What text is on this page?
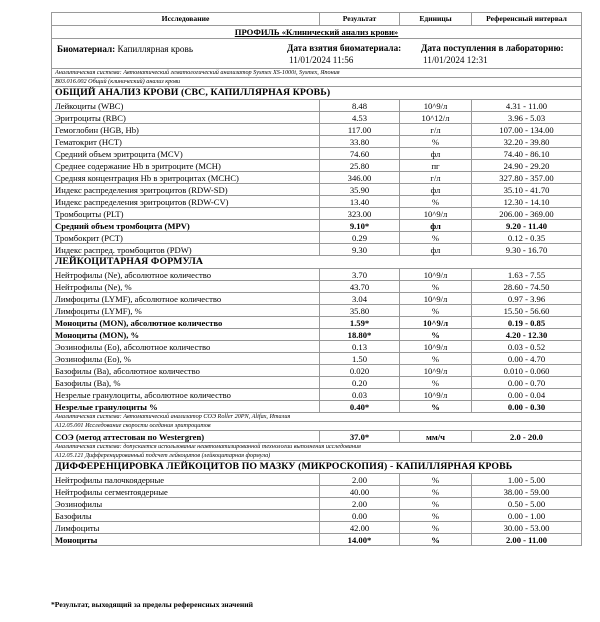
Исследование	Результат	Единицы	Референсный интервал
ПРОФИЛЬ «Клинический анализ крови»			

Биоматериал: Капиллярная кровь Дата взятия биоматериала:
11/01/2024 11:56
Дата поступления в лабораторию:
11/01/2024 12:31			

Аналитическая система: Автоматический гематологический анализатор Sysmex XS-1000i, Sysmex, Япония			
B03.016.002 Общий (клинический) анализ крови			
ОБЩИЙ АНАЛИЗ КРОВИ (CBC, КАПИЛЛЯРНАЯ КРОВЬ)			
Лейкоциты (WBC)	8.48	10^9/л	4.31 - 11.00
Эритроциты (RBC)	4.53	10^12/л	3.96 - 5.03
Гемоглобин (HGB, Hb)	117.00	г/л	107.00 - 134.00
Гематокрит (HCT)	33.80	%	32.20 - 39.80
Средний объем эритроцита (MCV)	74.60	фл	74.40 - 86.10
Среднее содержание Hb в эритроците (MCH)	25.80	пг	24.90 - 29.20
Средняя концентрация Hb в эритроцитах (MCHC)	346.00	г/л	327.80 - 357.00
Индекс распределения эритроцитов (RDW-SD)	35.90	фл	35.10 - 41.70
Индекс распределения эритроцитов (RDW-CV)	13.40	%	12.30 - 14.10
Тромбоциты (PLT)	323.00	10^9/л	206.00 - 369.00
Средний объем тромбоцита (MPV)	9.10*	фл	9.20 - 11.40
Тромбокрит (PCT)	0.29	%	0.12 - 0.35
Индекс распред. тромбоцитов (PDW)	9.30	фл	9.30 - 16.70
ЛЕЙКОЦИТАРНАЯ ФОРМУЛА			
Нейтрофилы (Ne), абсолютное количество	3.70	10^9/л	1.63 - 7.55
Нейтрофилы (Ne), %	43.70	%	28.60 - 74.50
Лимфоциты (LYMF), абсолютное количество	3.04	10^9/л	0.97 - 3.96
Лимфоциты (LYMF), %	35.80	%	15.50 - 56.60
Моноциты (MON), абсолютное количество	1.59*	10^9/л	0.19 - 0.85
Моноциты (MON), %	18.80*	%	4.20 - 12.30
Эозинофилы (Eo), абсолютное количество	0.13	10^9/л	0.03 - 0.52
Эозинофилы (Eo), %	1.50	%	0.00 - 4.70
Базофилы (Ba), абсолютное количество	0.020	10^9/л	0.010 - 0.060
Базофилы (Ba), %	0.20	%	0.00 - 0.70
Незрелые гранулоциты, абсолютное количество	0.03	10^9/л	0.00 - 0.04
Незрелые гранулоциты %	0.40*	%	0.00 - 0.30
Аналитическая система: Автоматический анализатор СОЭ Roller 20PN, Alifax, Италия			
A12.05.001 Исследование скорости оседания эритроцитов			
СОЭ (метод аттестован по Westergren)	37.0*	мм/ч	2.0 - 20.0
Аналитическая система: допускается использование неавтоматизированной технологии выполнения исследования			
A12.05.121 Дифференцированный подсчет лейкоцитов (лейкоцитарная формула)			
ДИФФЕРЕНЦИРОВКА ЛЕЙКОЦИТОВ ПО МАЗКУ (МИКРОСКОПИЯ) - КАПИЛЛЯРНАЯ КРОВЬ			
Нейтрофилы палочкоядерные	2.00	%	1.00 - 5.00
Нейтрофилы сегментоядерные	40.00	%	38.00 - 59.00
Эозинофилы	2.00	%	0.50 - 5.00
Базофилы	0.00	%	0.00 - 1.00
Лимфоциты	42.00	%	30.00 - 53.00
Моноциты	14.00*	%	2.00 - 11.00
*Результат, выходящий за пределы референсных значений
